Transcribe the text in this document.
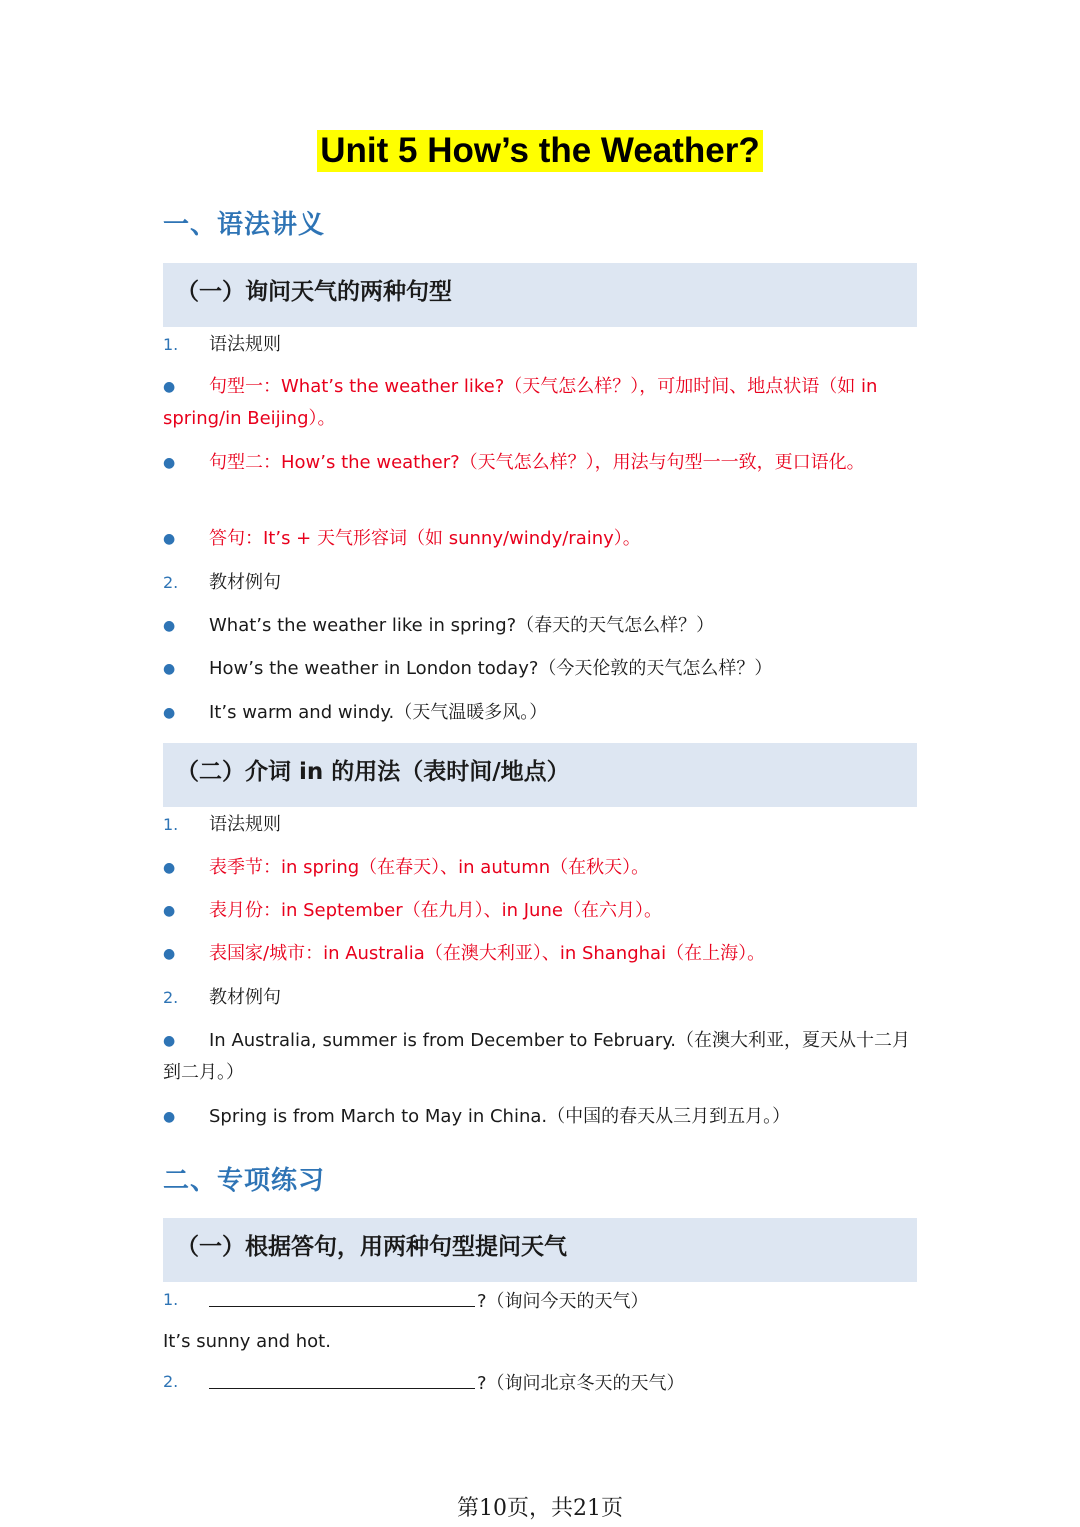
Unit 5 How’s the Weather?
一、语法讲义
（一）询问天气的两种句型
1. 语法规则
● 句型一：What’s the weather like?（天气怎么样？），可加时间、地点状语（如 in spring/in Beijing）。
● 句型二：How’s the weather?（天气怎么样？），用法与句型一一致，更口语化。
● 答句：It’s + 天气形容词（如 sunny/windy/rainy）。
2. 教材例句
● What’s the weather like in spring?（春天的天气怎么样？）
● How’s the weather in London today?（今天伦敦的天气怎么样？）
● It’s warm and windy.（天气温暖多风。）
（二）介词 in 的用法（表时间/地点）
1. 语法规则
● 表季节：in spring（在春天）、in autumn（在秋天）。
● 表月份：in September（在九月）、in June（在六月）。
● 表国家/城市：in Australia（在澳大利亚）、in Shanghai（在上海）。
2. 教材例句
● In Australia, summer is from December to February.（在澳大利亚，夏天从十二月到二月。）
● Spring is from March to May in China.（中国的春天从三月到五月。）
二、专项练习
（一）根据答句，用两种句型提问天气
1.	?（询问今天的天气）
It’s sunny and hot.
2.	?（询问北京冬天的天气）
第10页，共21页
